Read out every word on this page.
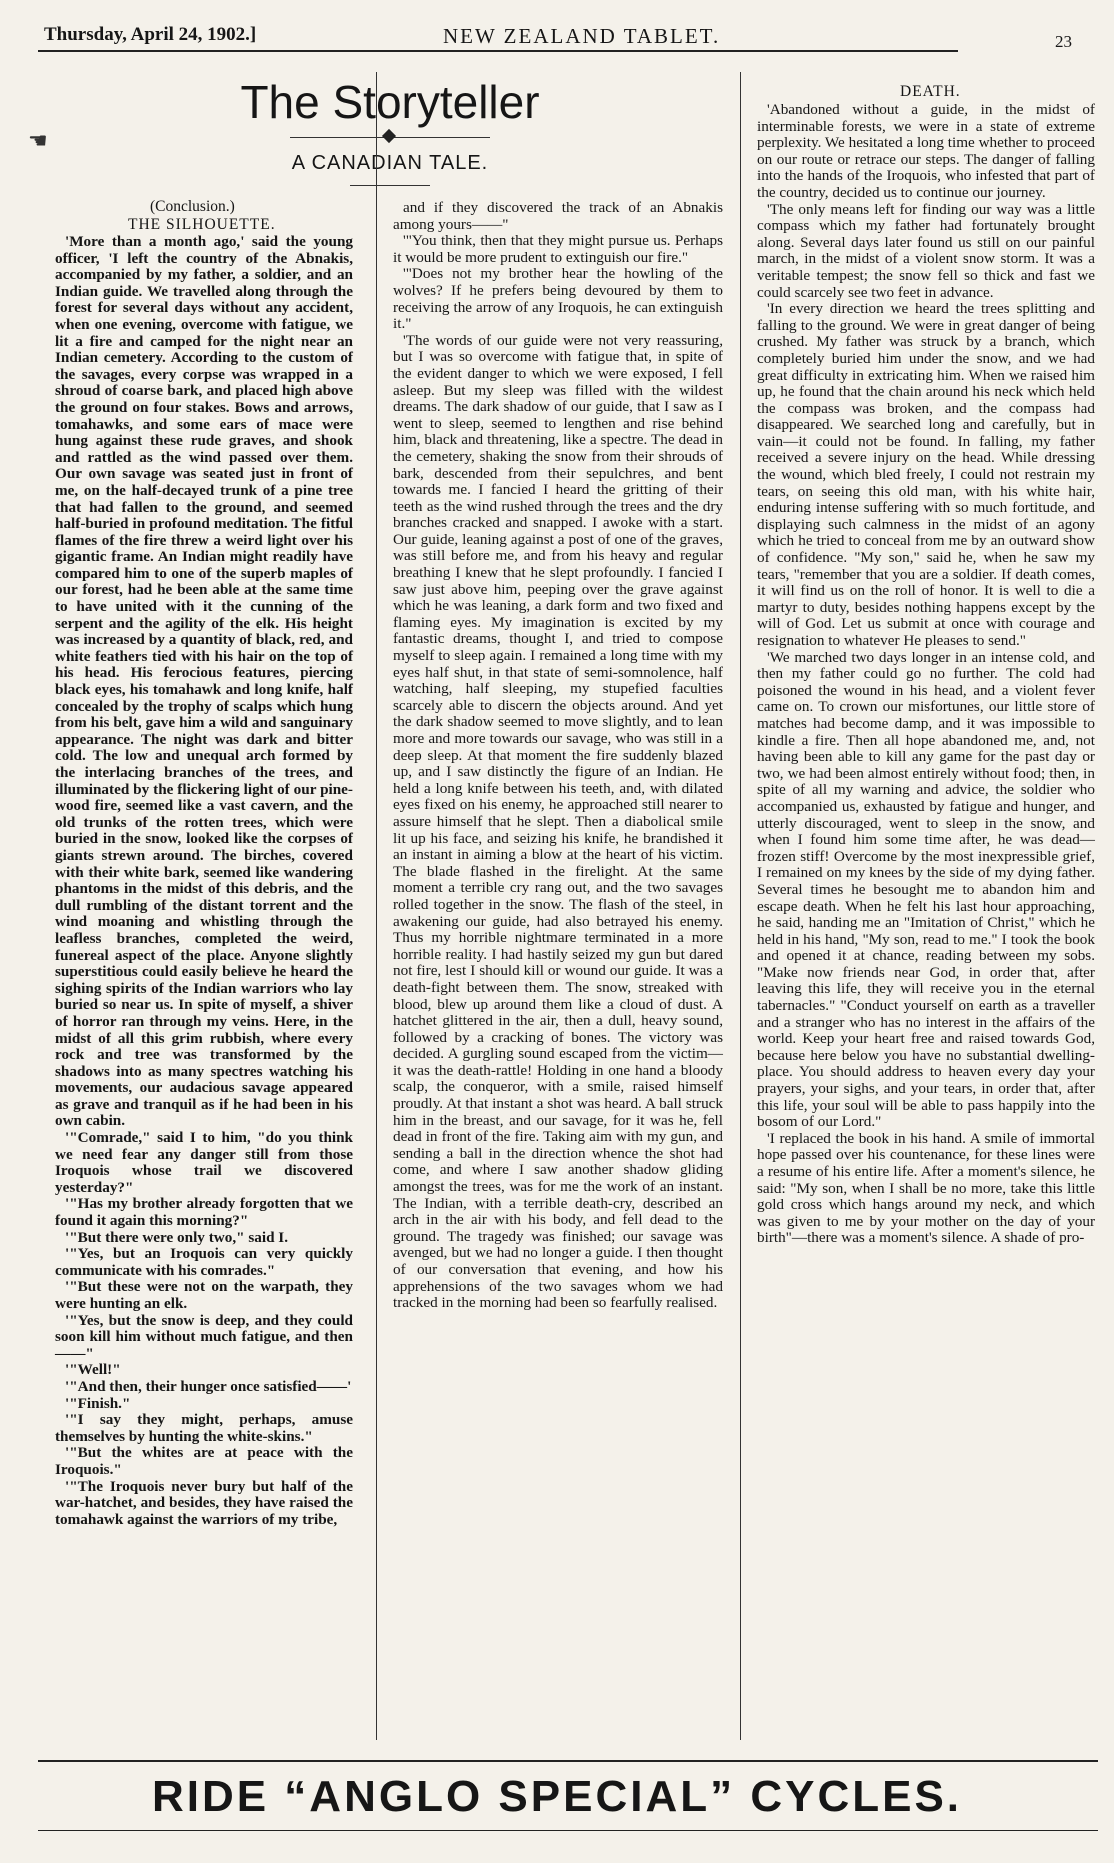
Thursday, April 24, 1902.]	NEW ZEALAND TABLET.	23
The Storyteller
A CANADIAN TALE.
☚
(Conclusion.)
THE SILHOUETTE.

'More than a month ago,' said the young officer, 'I left the country of the Abnakis, accompanied by my father, a soldier, and an Indian guide. We travelled along through the forest for several days without any accident, when one evening, overcome with fatigue, we lit a fire and camped for the night near an Indian cemetery. According to the custom of the savages, every corpse was wrapped in a shroud of coarse bark, and placed high above the ground on four stakes. Bows and arrows, tomahawks, and some ears of mace were hung against these rude graves, and shook and rattled as the wind passed over them. Our own savage was seated just in front of me, on the half-decayed trunk of a pine tree that had fallen to the ground, and seemed half-buried in profound meditation. The fitful flames of the fire threw a weird light over his gigantic frame. An Indian might readily have compared him to one of the superb maples of our forest, had he been able at the same time to have united with it the cunning of the serpent and the agility of the elk. His height was increased by a quantity of black, red, and white feathers tied with his hair on the top of his head. His ferocious features, piercing black eyes, his tomahawk and long knife, half concealed by the trophy of scalps which hung from his belt, gave him a wild and sanguinary appearance. The night was dark and bitter cold. The low and unequal arch formed by the interlacing branches of the trees, and illuminated by the flickering light of our pine-wood fire, seemed like a vast cavern, and the old trunks of the rotten trees, which were buried in the snow, looked like the corpses of giants strewn around. The birches, covered with their white bark, seemed like wandering phantoms in the midst of this debris, and the dull rumbling of the distant torrent and the wind moaning and whistling through the leafless branches, completed the weird, funereal aspect of the place. Anyone slightly superstitious could easily believe he heard the sighing spirits of the Indian warriors who lay buried so near us. In spite of myself, a shiver of horror ran through my veins. Here, in the midst of all this grim rubbish, where every rock and tree was transformed by the shadows into as many spectres watching his movements, our audacious savage appeared as grave and tranquil as if he had been in his own cabin.

'"Comrade," said I to him, "do you think we need fear any danger still from those Iroquois whose trail we discovered yesterday?"

'"Has my brother already forgotten that we found it again this morning?"

'"But there were only two," said I.

'"Yes, but an Iroquois can very quickly communicate with his comrades."

'"But these were not on the warpath, they were hunting an elk.

'"Yes, but the snow is deep, and they could soon kill him without much fatigue, and then——"

'"Well!"

'"And then, their hunger once satisfied——'

'"Finish."

'"I say they might, perhaps, amuse themselves by hunting the white-skins."

'"But the whites are at peace with the Iroquois."

'"The Iroquois never bury but half of the war-hatchet, and besides, they have raised the tomahawk against the warriors of my tribe,

and if they discovered the track of an Abnakis among yours——"

'"You think, then that they might pursue us. Perhaps it would be more prudent to extinguish our fire."

'"Does not my brother hear the howling of the wolves? If he prefers being devoured by them to receiving the arrow of any Iroquois, he can extinguish it."

'The words of our guide were not very reassuring, but I was so overcome with fatigue that, in spite of the evident danger to which we were exposed, I fell asleep. But my sleep was filled with the wildest dreams. The dark shadow of our guide, that I saw as I went to sleep, seemed to lengthen and rise behind him, black and threatening, like a spectre. The dead in the cemetery, shaking the snow from their shrouds of bark, descended from their sepulchres, and bent towards me. I fancied I heard the gritting of their teeth as the wind rushed through the trees and the dry branches cracked and snapped. I awoke with a start. Our guide, leaning against a post of one of the graves, was still before me, and from his heavy and regular breathing I knew that he slept profoundly. I fancied I saw just above him, peeping over the grave against which he was leaning, a dark form and two fixed and flaming eyes. My imagination is excited by my fantastic dreams, thought I, and tried to compose myself to sleep again. I remained a long time with my eyes half shut, in that state of semi-somnolence, half watching, half sleeping, my stupefied faculties scarcely able to discern the objects around. And yet the dark shadow seemed to move slightly, and to lean more and more towards our savage, who was still in a deep sleep. At that moment the fire suddenly blazed up, and I saw distinctly the figure of an Indian. He held a long knife between his teeth, and, with dilated eyes fixed on his enemy, he approached still nearer to assure himself that he slept. Then a diabolical smile lit up his face, and seizing his knife, he brandished it an instant in aiming a blow at the heart of his victim. The blade flashed in the firelight. At the same moment a terrible cry rang out, and the two savages rolled together in the snow. The flash of the steel, in awakening our guide, had also betrayed his enemy. Thus my horrible nightmare terminated in a more horrible reality. I had hastily seized my gun but dared not fire, lest I should kill or wound our guide. It was a death-fight between them. The snow, streaked with blood, blew up around them like a cloud of dust. A hatchet glittered in the air, then a dull, heavy sound, followed by a cracking of bones. The victory was decided. A gurgling sound escaped from the victim—it was the death-rattle! Holding in one hand a bloody scalp, the conqueror, with a smile, raised himself proudly. At that instant a shot was heard. A ball struck him in the breast, and our savage, for it was he, fell dead in front of the fire. Taking aim with my gun, and sending a ball in the direction whence the shot had come, and where I saw another shadow gliding amongst the trees, was for me the work of an instant. The Indian, with a terrible death-cry, described an arch in the air with his body, and fell dead to the ground. The tragedy was finished; our savage was avenged, but we had no longer a guide. I then thought of our conversation that evening, and how his apprehensions of the two savages whom we had tracked in the morning had been so fearfully realised.

DEATH.

'Abandoned without a guide, in the midst of interminable forests, we were in a state of extreme perplexity. We hesitated a long time whether to proceed on our route or retrace our steps. The danger of falling into the hands of the Iroquois, who infested that part of the country, decided us to continue our journey.

'The only means left for finding our way was a little compass which my father had fortunately brought along. Several days later found us still on our painful march, in the midst of a violent snow storm. It was a veritable tempest; the snow fell so thick and fast we could scarcely see two feet in advance.

'In every direction we heard the trees splitting and falling to the ground. We were in great danger of being crushed. My father was struck by a branch, which completely buried him under the snow, and we had great difficulty in extricating him. When we raised him up, he found that the chain around his neck which held the compass was broken, and the compass had disappeared. We searched long and carefully, but in vain—it could not be found. In falling, my father received a severe injury on the head. While dressing the wound, which bled freely, I could not restrain my tears, on seeing this old man, with his white hair, enduring intense suffering with so much fortitude, and displaying such calmness in the midst of an agony which he tried to conceal from me by an outward show of confidence. "My son," said he, when he saw my tears, "remember that you are a soldier. If death comes, it will find us on the roll of honor. It is well to die a martyr to duty, besides nothing happens except by the will of God. Let us submit at once with courage and resignation to whatever He pleases to send."

'We marched two days longer in an intense cold, and then my father could go no further. The cold had poisoned the wound in his head, and a violent fever came on. To crown our misfortunes, our little store of matches had become damp, and it was impossible to kindle a fire. Then all hope abandoned me, and, not having been able to kill any game for the past day or two, we had been almost entirely without food; then, in spite of all my warning and advice, the soldier who accompanied us, exhausted by fatigue and hunger, and utterly discouraged, went to sleep in the snow, and when I found him some time after, he was dead—frozen stiff! Overcome by the most inexpressible grief, I remained on my knees by the side of my dying father. Several times he besought me to abandon him and escape death. When he felt his last hour approaching, he said, handing me an "Imitation of Christ," which he held in his hand, "My son, read to me." I took the book and opened it at chance, reading between my sobs. "Make now friends near God, in order that, after leaving this life, they will receive you in the eternal tabernacles." "Conduct yourself on earth as a traveller and a stranger who has no interest in the affairs of the world. Keep your heart free and raised towards God, because here below you have no substantial dwelling-place. You should address to heaven every day your prayers, your sighs, and your tears, in order that, after this life, your soul will be able to pass happily into the bosom of our Lord."

'I replaced the book in his hand. A smile of immortal hope passed over his countenance, for these lines were a resume of his entire life. After a moment's silence, he said: "My son, when I shall be no more, take this little gold cross which hangs around my neck, and which was given to me by your mother on the day of your birth"—there was a moment's silence. A shade of pro-

RIDE “ANGLO SPECIAL” CYCLES.
